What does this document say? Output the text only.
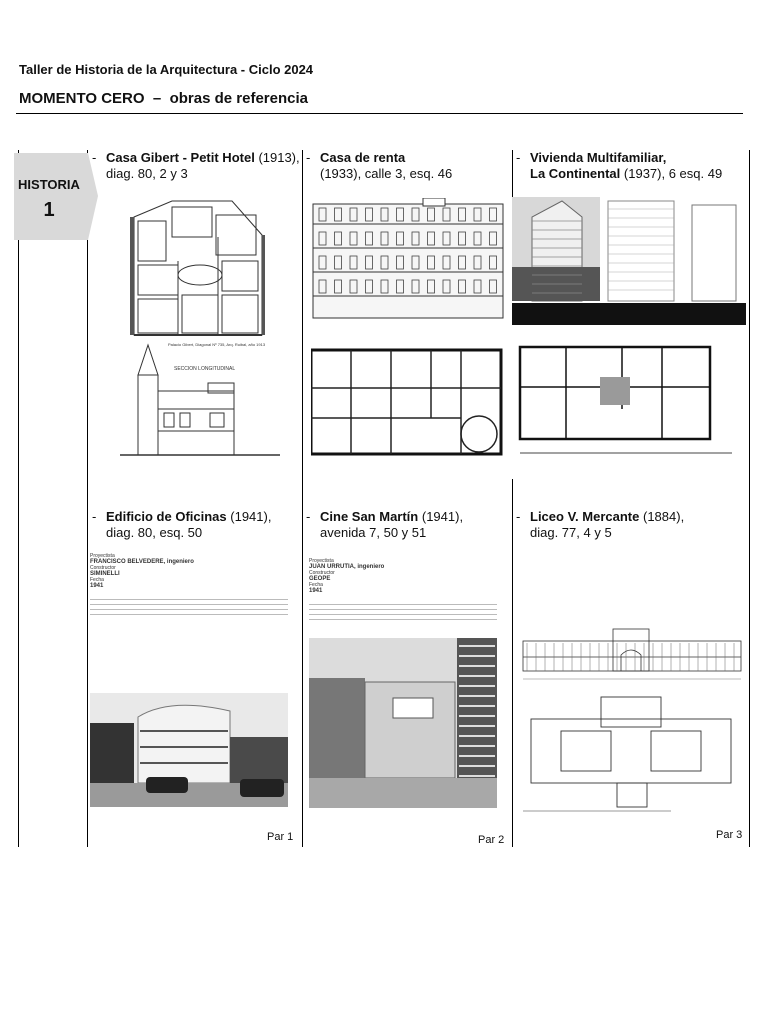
Taller de Historia de la Arquitectura - Ciclo 2024
MOMENTO CERO – obras de referencia
HISTORIA
1
- Casa Gibert - Petit Hotel (1913),
diag. 80, 2 y 3
- Casa de renta
(1933), calle 3, esq. 46
- Vivienda Multifamiliar,
La Continental (1937), 6 esq. 49
- Edificio de Oficinas (1941),
diag. 80, esq. 50
- Cine San Martín (1941),
avenida 7, 50 y 51
- Liceo V. Mercante (1884),
diag. 77, 4 y 5
Palacio Gibert, Diagonal Nº 735, Arq. Ruibal, año 1913
SECCION LONGITUDINAL
Proyectista
FRANCISCO BELVEDERE, ingeniero
Constructor
SIMINELLI
Fecha
1941
Proyectista
JUAN URRUTIA, ingeniero
Constructor
GEOPE
Fecha
1941
Par 1	Par 2	Par 3
